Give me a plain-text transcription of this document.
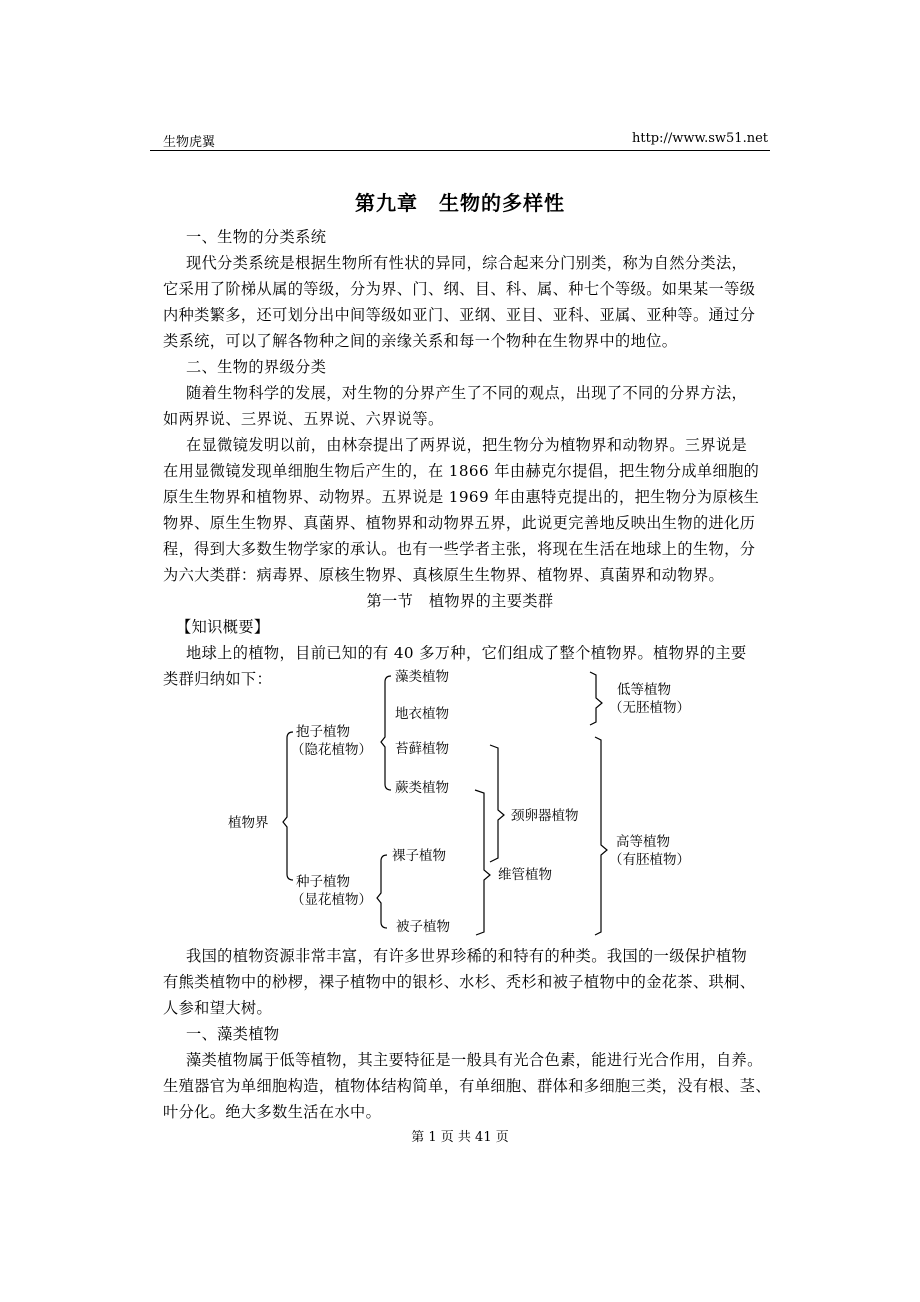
生物虎翼	http://www.sw51.net
第九章　生物的多样性
植物界
抱子植物
（隐花植物）
种子植物
（显花植物）
藻类植物
地衣植物
苔藓植物
蕨类植物
裸子植物
被子植物
颈卵器植物
维管植物
低等植物
（无胚植物）
高等植物
（有胚植物）
第 1 页 共 41 页
一、生物的分类系统
现代分类系统是根据生物所有性状的异同，综合起来分门别类，称为自然分类法，
它采用了阶梯从属的等级，分为界、门、纲、目、科、属、种七个等级。如果某一等级
内种类繁多，还可划分出中间等级如亚门、亚纲、亚目、亚科、亚属、亚种等。通过分
类系统，可以了解各物种之间的亲缘关系和每一个物种在生物界中的地位。
二、生物的界级分类
随着生物科学的发展，对生物的分界产生了不同的观点，出现了不同的分界方法，
如两界说、三界说、五界说、六界说等。
在显微镜发明以前，由林奈提出了两界说，把生物分为植物界和动物界。三界说是
在用显微镜发现单细胞生物后产生的，在 1866 年由赫克尔提倡，把生物分成单细胞的
原生生物界和植物界、动物界。五界说是 1969 年由惠特克提出的，把生物分为原核生
物界、原生生物界、真菌界、植物界和动物界五界，此说更完善地反映出生物的进化历
程，得到大多数生物学家的承认。也有一些学者主张，将现在生活在地球上的生物，分
为六大类群：病毒界、原核生物界、真核原生生物界、植物界、真菌界和动物界。
第一节　植物界的主要类群
【知识概要】
地球上的植物，目前已知的有 40 多万种，它们组成了整个植物界。植物界的主要
类群归纳如下：
我国的植物资源非常丰富，有许多世界珍稀的和特有的种类。我国的一级保护植物
有熊类植物中的桫椤，裸子植物中的银杉、水杉、秃杉和被子植物中的金花茶、珙桐、
人参和望大树。
一、藻类植物
藻类植物属于低等植物，其主要特征是一般具有光合色素，能进行光合作用，自养。
生殖器官为单细胞构造，植物体结构简单，有单细胞、群体和多细胞三类，没有根、茎、
叶分化。绝大多数生活在水中。
